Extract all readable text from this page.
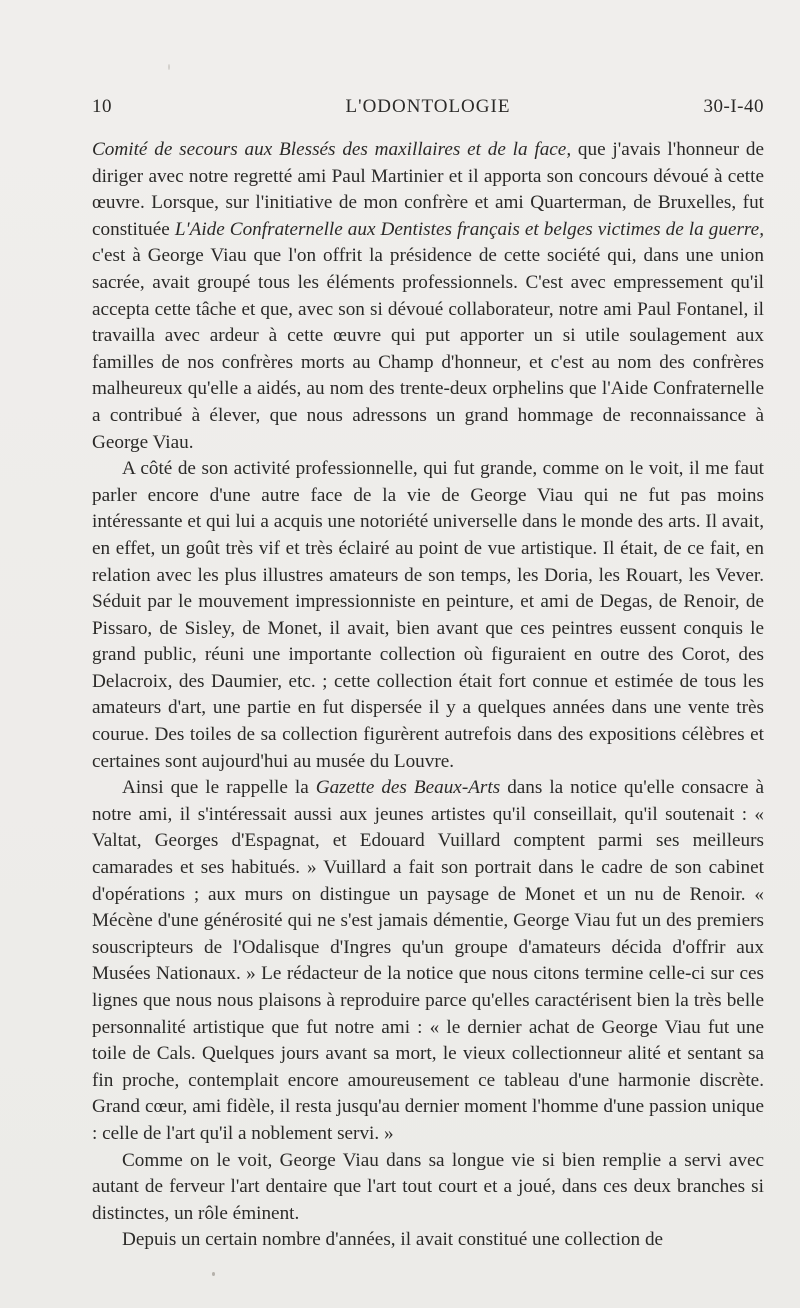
10	L'ODONTOLOGIE	30-I-40

Comité de secours aux Blessés des maxillaires et de la face, que j'avais l'honneur de diriger avec notre regretté ami Paul Martinier et il apporta son concours dévoué à cette œuvre. Lorsque, sur l'initiative de mon confrère et ami Quarterman, de Bruxelles, fut constituée L'Aide Confraternelle aux Dentistes français et belges victimes de la guerre, c'est à George Viau que l'on offrit la présidence de cette société qui, dans une union sacrée, avait groupé tous les éléments professionnels. C'est avec empressement qu'il accepta cette tâche et que, avec son si dévoué collaborateur, notre ami Paul Fontanel, il travailla avec ardeur à cette œuvre qui put apporter un si utile soulagement aux familles de nos confrères morts au Champ d'honneur, et c'est au nom des confrères malheureux qu'elle a aidés, au nom des trente-deux orphelins que l'Aide Confraternelle a contribué à élever, que nous adressons un grand hommage de reconnaissance à George Viau.

A côté de son activité professionnelle, qui fut grande, comme on le voit, il me faut parler encore d'une autre face de la vie de George Viau qui ne fut pas moins intéressante et qui lui a acquis une notoriété universelle dans le monde des arts. Il avait, en effet, un goût très vif et très éclairé au point de vue artistique. Il était, de ce fait, en relation avec les plus illustres amateurs de son temps, les Doria, les Rouart, les Vever. Séduit par le mouvement impressionniste en peinture, et ami de Degas, de Renoir, de Pissaro, de Sisley, de Monet, il avait, bien avant que ces peintres eussent conquis le grand public, réuni une importante collection où figuraient en outre des Corot, des Delacroix, des Daumier, etc. ; cette collection était fort connue et estimée de tous les amateurs d'art, une partie en fut dispersée il y a quelques années dans une vente très courue. Des toiles de sa collection figurèrent autrefois dans des expositions célèbres et certaines sont aujourd'hui au musée du Louvre.

Ainsi que le rappelle la Gazette des Beaux-Arts dans la notice qu'elle consacre à notre ami, il s'intéressait aussi aux jeunes artistes qu'il conseillait, qu'il soutenait : « Valtat, Georges d'Espagnat, et Edouard Vuillard comptent parmi ses meilleurs camarades et ses habitués. » Vuillard a fait son portrait dans le cadre de son cabinet d'opérations ; aux murs on distingue un paysage de Monet et un nu de Renoir. « Mécène d'une générosité qui ne s'est jamais démentie, George Viau fut un des premiers souscripteurs de l'Odalisque d'Ingres qu'un groupe d'amateurs décida d'offrir aux Musées Nationaux. » Le rédacteur de la notice que nous citons termine celle-ci sur ces lignes que nous nous plaisons à reproduire parce qu'elles caractérisent bien la très belle personnalité artistique que fut notre ami : « le dernier achat de George Viau fut une toile de Cals. Quelques jours avant sa mort, le vieux collectionneur alité et sentant sa fin proche, contemplait encore amoureusement ce tableau d'une harmonie discrète. Grand cœur, ami fidèle, il resta jusqu'au dernier moment l'homme d'une passion unique : celle de l'art qu'il a noblement servi. »

Comme on le voit, George Viau dans sa longue vie si bien remplie a servi avec autant de ferveur l'art dentaire que l'art tout court et a joué, dans ces deux branches si distinctes, un rôle éminent.

Depuis un certain nombre d'années, il avait constitué une collection de
